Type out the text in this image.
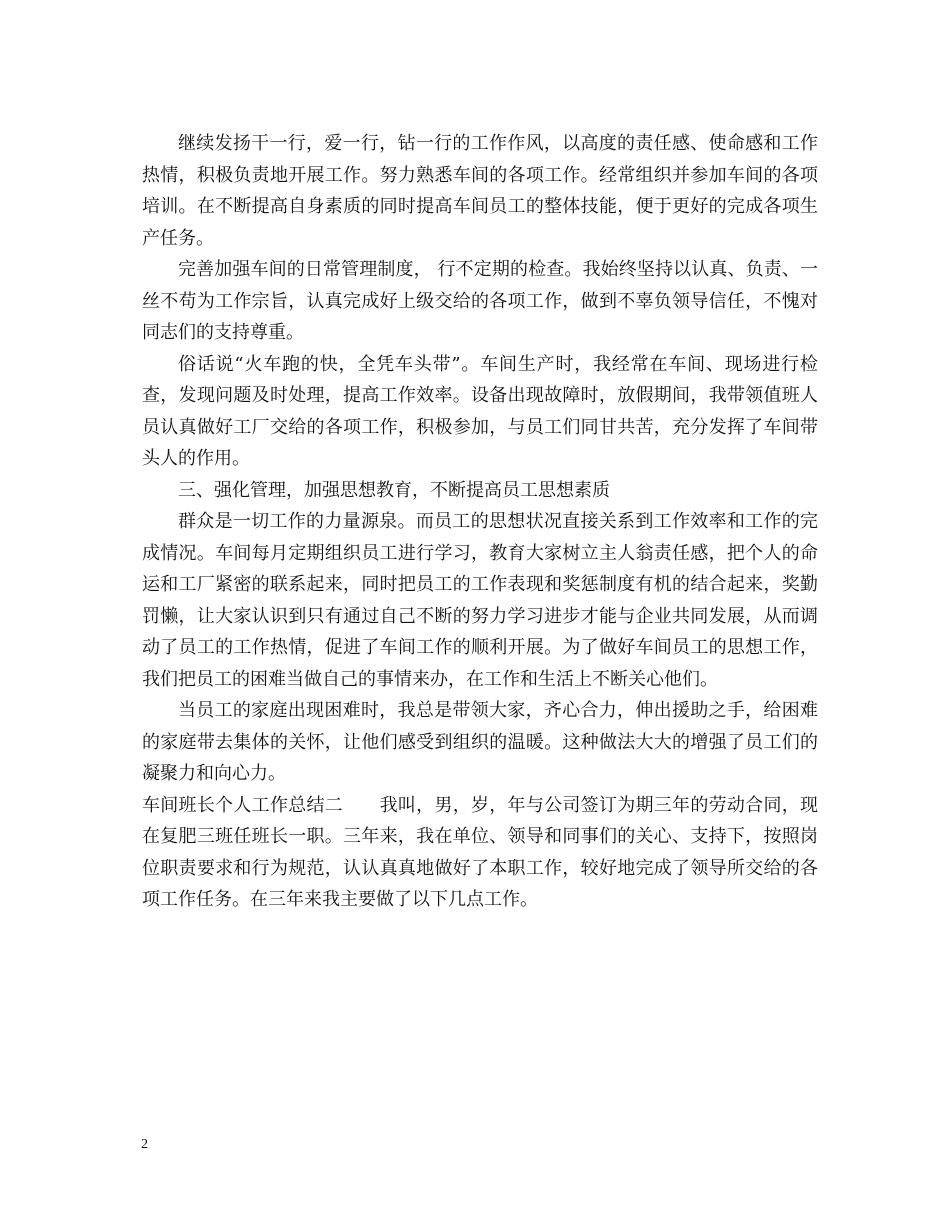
继续发扬干一行，爱一行，钻一行的工作作风，以高度的责任感、使命感和工作热情，积极负责地开展工作。努力熟悉车间的各项工作。经常组织并参加车间的各项培训。在不断提高自身素质的同时提高车间员工的整体技能，便于更好的完成各项生产任务。

完善加强车间的日常管理制度， 行不定期的检查。我始终坚持以认真、负责、一丝不苟为工作宗旨，认真完成好上级交给的各项工作，做到不辜负领导信任，不愧对同志们的支持尊重。

俗话说“火车跑的快，全凭车头带”。车间生产时，我经常在车间、现场进行检查，发现问题及时处理，提高工作效率。设备出现故障时，放假期间，我带领值班人员认真做好工厂交给的各项工作，积极参加，与员工们同甘共苦，充分发挥了车间带头人的作用。

三、强化管理，加强思想教育，不断提高员工思想素质

群众是一切工作的力量源泉。而员工的思想状况直接关系到工作效率和工作的完成情况。车间每月定期组织员工进行学习，教育大家树立主人翁责任感，把个人的命运和工厂紧密的联系起来，同时把员工的工作表现和奖惩制度有机的结合起来，奖勤罚懒，让大家认识到只有通过自己不断的努力学习进步才能与企业共同发展，从而调动了员工的工作热情，促进了车间工作的顺利开展。为了做好车间员工的思想工作，我们把员工的困难当做自己的事情来办，在工作和生活上不断关心他们。

当员工的家庭出现困难时，我总是带领大家，齐心合力，伸出援助之手，给困难的家庭带去集体的关怀，让他们感受到组织的温暖。这种做法大大的增强了员工们的凝聚力和向心力。

车间班长个人工作总结二　　我叫，男，岁，年与公司签订为期三年的劳动合同，现在复肥三班任班长一职。三年来，我在单位、领导和同事们的关心、支持下，按照岗位职责要求和行为规范，认认真真地做好了本职工作，较好地完成了领导所交给的各项工作任务。在三年来我主要做了以下几点工作。

2
